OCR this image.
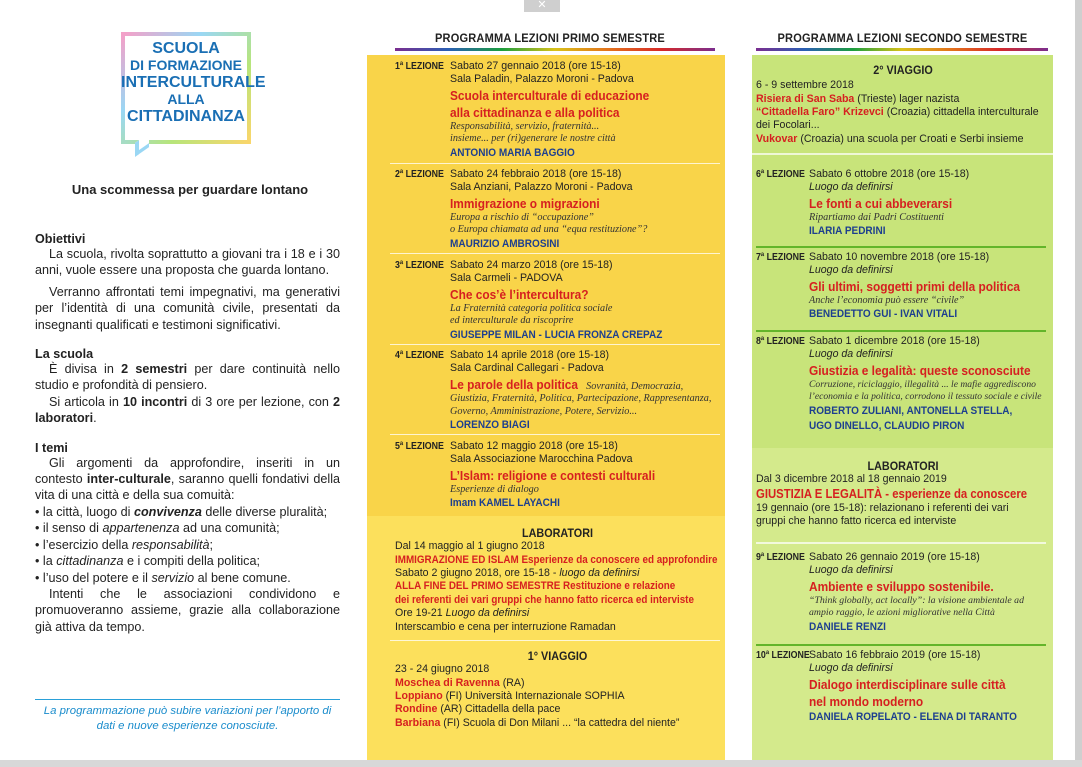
✕
SCUOLA
DI FORMAZIONE
INTERCULTURALE
ALLA
CITTADINANZA
Una scommessa per guardare lontano
Obiettivi

La scuola, rivolta soprattutto a giovani tra i 18 e i 30 anni, vuole essere una proposta che guarda lontano.

Verranno affrontati temi impegnativi, ma generativi per l’identità di una comunità civile, presentati da insegnanti qualificati e testimoni significativi.

La scuola

È divisa in 2 semestri per dare continuità nello studio e profondità di pensiero.

Si articola in 10 incontri di 3 ore per lezione, con 2 laboratori.

I temi

Gli argomenti da approfondire, inseriti in un contesto inter-culturale, saranno quelli fondativi della vita di una città e della sua comuità:

• la città, luogo di convivenza delle diverse pluralità;
• il senso di appartenenza ad una comunità;
• l’esercizio della responsabilità;
• la cittadinanza e i compiti della politica;
• l’uso del potere e il servizio al bene comune.

Intenti che le associazioni condividono e promuoveranno assieme, grazie alla collaborazione già attiva da tempo.

La programmazione può subire variazioni per l’apporto di dati e nuove esperienze conosciute.
PROGRAMMA LEZIONI PRIMO SEMESTRE	PROGRAMMA LEZIONI SECONDO SEMESTRE
1ª LEZIONE Sabato 27 gennaio 2018 (ore 15-18)
Sala Paladin, Palazzo Moroni - Padova
Scuola interculturale di educazione
alla cittadinanza e alla politica
Responsabilità, servizio, fraternità...
insieme... per (ri)generare le nostre città
ANTONIO MARIA BAGGIO
2ª LEZIONE Sabato 24 febbraio 2018 (ore 15-18)
Sala Anziani, Palazzo Moroni - Padova
Immigrazione o migrazioni
Europa a rischio di “occupazione”
o Europa chiamata ad una “equa restituzione”?
MAURIZIO AMBROSINI
3ª LEZIONE Sabato 24 marzo 2018 (ore 15-18)
Sala Carmeli - PADOVA
Che cos’è l’intercultura?
La Fraternità categoria politica sociale
ed interculturale da riscoprire
GIUSEPPE MILAN - LUCIA FRONZA CREPAZ
4ª LEZIONE Sabato 14 aprile 2018 (ore 15-18)
Sala Cardinal Callegari - Padova
Le parole della politica Sovranità, Democrazia,
Giustizia, Fraternità, Politica, Partecipazione, Rappresentanza,
Governo, Amministrazione, Potere, Servizio...
LORENZO BIAGI
5ª LEZIONE Sabato 12 maggio 2018 (ore 15-18)
Sala Associazione Marocchina Padova
L’Islam: religione e contesti culturali
Esperienze di dialogo
Imam KAMEL LAYACHI
LABORATORI
Dal 14 maggio al 1 giugno 2018
IMMIGRAZIONE ED ISLAM Esperienze da conoscere ed approfondire
Sabato 2 giugno 2018, ore 15-18 - luogo da definirsi
ALLA FINE DEL PRIMO SEMESTRE Restituzione e relazione
dei referenti dei vari gruppi che hanno fatto ricerca ed interviste
Ore 19-21 Luogo da definirsi
Interscambio e cena per interruzione Ramadan
1° VIAGGIO
23 - 24 giugno 2018
Moschea di Ravenna (RA)
Loppiano (FI) Università Internazionale SOPHIA
Rondine (AR) Cittadella della pace
Barbiana (FI) Scuola di Don Milani ... “la cattedra del niente”
2° VIAGGIO
6 - 9 settembre 2018
Risiera di San Saba (Trieste) lager nazista
“Cittadella Faro” Krizevci (Croazia) cittadella interculturale
dei Focolari...
Vukovar (Croazia) una scuola per Croati e Serbi insieme
6ª LEZIONE Sabato 6 ottobre 2018 (ore 15-18)
Luogo da definirsi
Le fonti a cui abbeverarsi
Ripartiamo dai Padri Costituenti
ILARIA PEDRINI
7ª LEZIONE Sabato 10 novembre 2018 (ore 15-18)
Luogo da definirsi
Gli ultimi, soggetti primi della politica
Anche l’economia può essere “civile”
BENEDETTO GUI - IVAN VITALI
8ª LEZIONE Sabato 1 dicembre 2018 (ore 15-18)
Luogo da definirsi
Giustizia e legalità: queste sconosciute
Corruzione, riciclaggio, illegalità ... le mafie aggrediscono
l’economia e la politica, corrodono il tessuto sociale e civile
ROBERTO ZULIANI, ANTONELLA STELLA,
UGO DINELLO, CLAUDIO PIRON
LABORATORI
Dal 3 dicembre 2018 al 18 gennaio 2019
GIUSTIZIA E LEGALITÀ - esperienze da conoscere
19 gennaio (ore 15-18): relazionano i referenti dei vari
gruppi che hanno fatto ricerca ed interviste
9ª LEZIONE Sabato 26 gennaio 2019 (ore 15-18)
Luogo da definirsi
Ambiente e sviluppo sostenibile.
“Think globally, act locally”: la visione ambientale ad
ampio raggio, le azioni migliorative nella Città
DANIELE RENZI
10ª LEZIONE Sabato 16 febbraio 2019 (ore 15-18)
Luogo da definirsi
Dialogo interdisciplinare sulle città
nel mondo moderno
DANIELA ROPELATO - ELENA DI TARANTO
